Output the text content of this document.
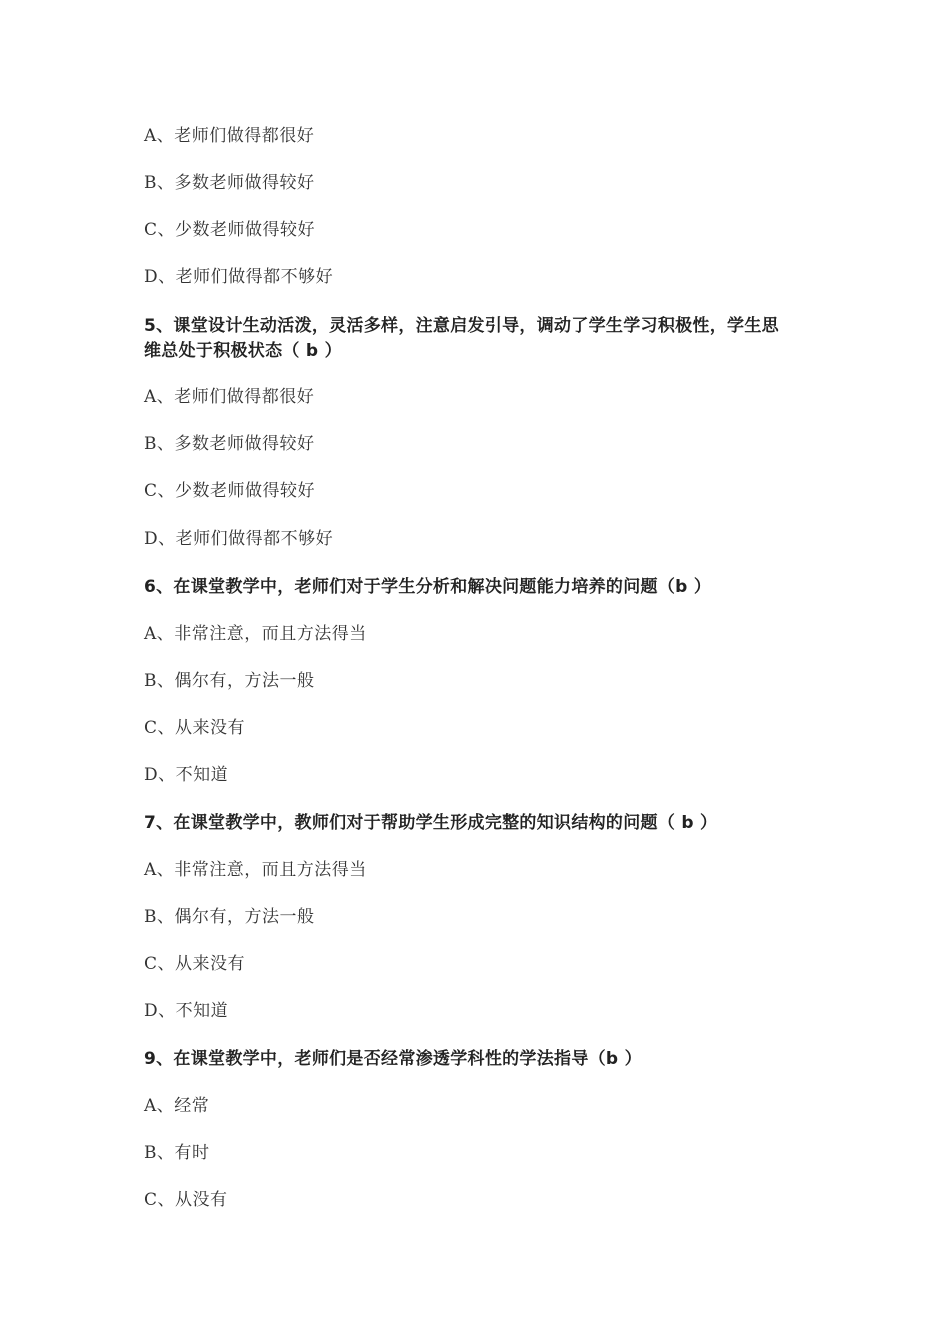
A、老师们做得都很好
B、多数老师做得较好
C、少数老师做得较好
D、老师们做得都不够好
5、课堂设计生动活泼，灵活多样，注意启发引导，调动了学生学习积极性，学生思
维总处于积极状态（ b ）
A、老师们做得都很好
B、多数老师做得较好
C、少数老师做得较好
D、老师们做得都不够好
6、在课堂教学中，老师们对于学生分析和解决问题能力培养的问题（b ）
A、非常注意，而且方法得当
B、偶尔有，方法一般
C、从来没有
D、不知道
7、在课堂教学中，教师们对于帮助学生形成完整的知识结构的问题（ b ）
A、非常注意，而且方法得当
B、偶尔有，方法一般
C、从来没有
D、不知道
9、在课堂教学中，老师们是否经常渗透学科性的学法指导（b ）
A、经常
B、有时
C、从没有
